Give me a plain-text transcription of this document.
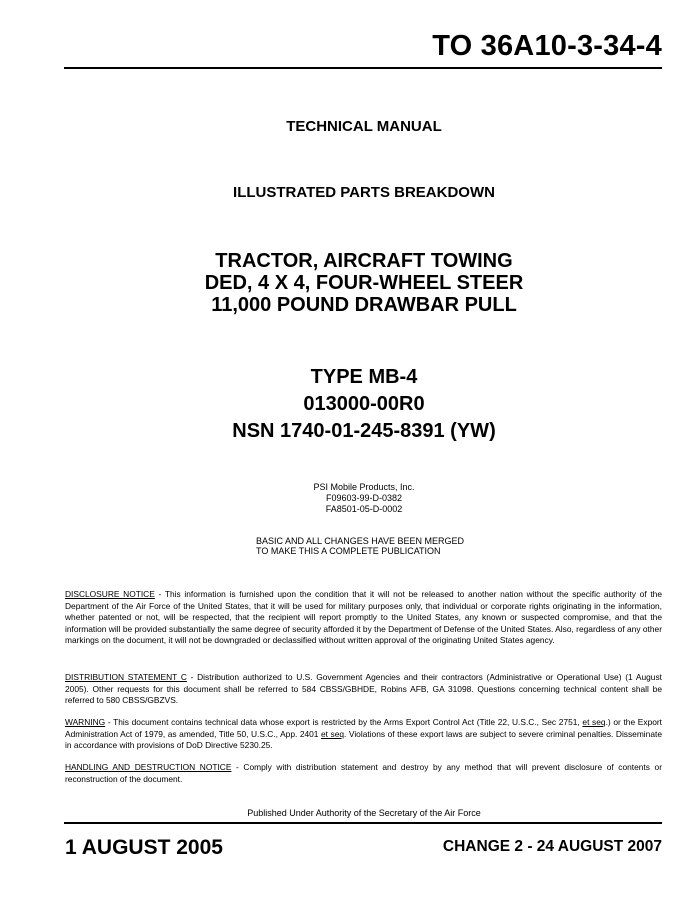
TO 36A10-3-34-4
TECHNICAL MANUAL
ILLUSTRATED PARTS BREAKDOWN
TRACTOR, AIRCRAFT TOWING
DED, 4 X 4, FOUR-WHEEL STEER
11,000 POUND DRAWBAR PULL
TYPE MB-4
013000-00R0
NSN 1740-01-245-8391 (YW)
PSI Mobile Products, Inc.
F09603-99-D-0382
FA8501-05-D-0002
BASIC AND ALL CHANGES HAVE BEEN MERGED
TO MAKE THIS A COMPLETE PUBLICATION
DISCLOSURE NOTICE - This information is furnished upon the condition that it will not be released to another nation without the specific authority of the Department of the Air Force of the United States, that it will be used for military purposes only, that individual or corporate rights originating in the information, whether patented or not, will be respected, that the recipient will report promptly to the United States, any known or suspected compromise, and that the information will be provided substantially the same degree of security afforded it by the Department of Defense of the United States. Also, regardless of any other markings on the document, it will not be downgraded or declassified without written approval of the originating United States agency.
DISTRIBUTION STATEMENT C - Distribution authorized to U.S. Government Agencies and their contractors (Administrative or Operational Use) (1 August 2005). Other requests for this document shall be referred to 584 CBSS/GBHDE, Robins AFB, GA 31098. Questions concerning technical content shall be referred to 580 CBSS/GBZVS.
WARNING - This document contains technical data whose export is restricted by the Arms Export Control Act (Title 22, U.S.C., Sec 2751, et seq.) or the Export Administration Act of 1979, as amended, Title 50, U.S.C., App. 2401 et seq. Violations of these export laws are subject to severe criminal penalties. Disseminate in accordance with provisions of DoD Directive 5230.25.
HANDLING AND DESTRUCTION NOTICE - Comply with distribution statement and destroy by any method that will prevent disclosure of contents or reconstruction of the document.
Published Under Authority of the Secretary of the Air Force
1 AUGUST 2005	CHANGE 2 - 24 AUGUST 2007
